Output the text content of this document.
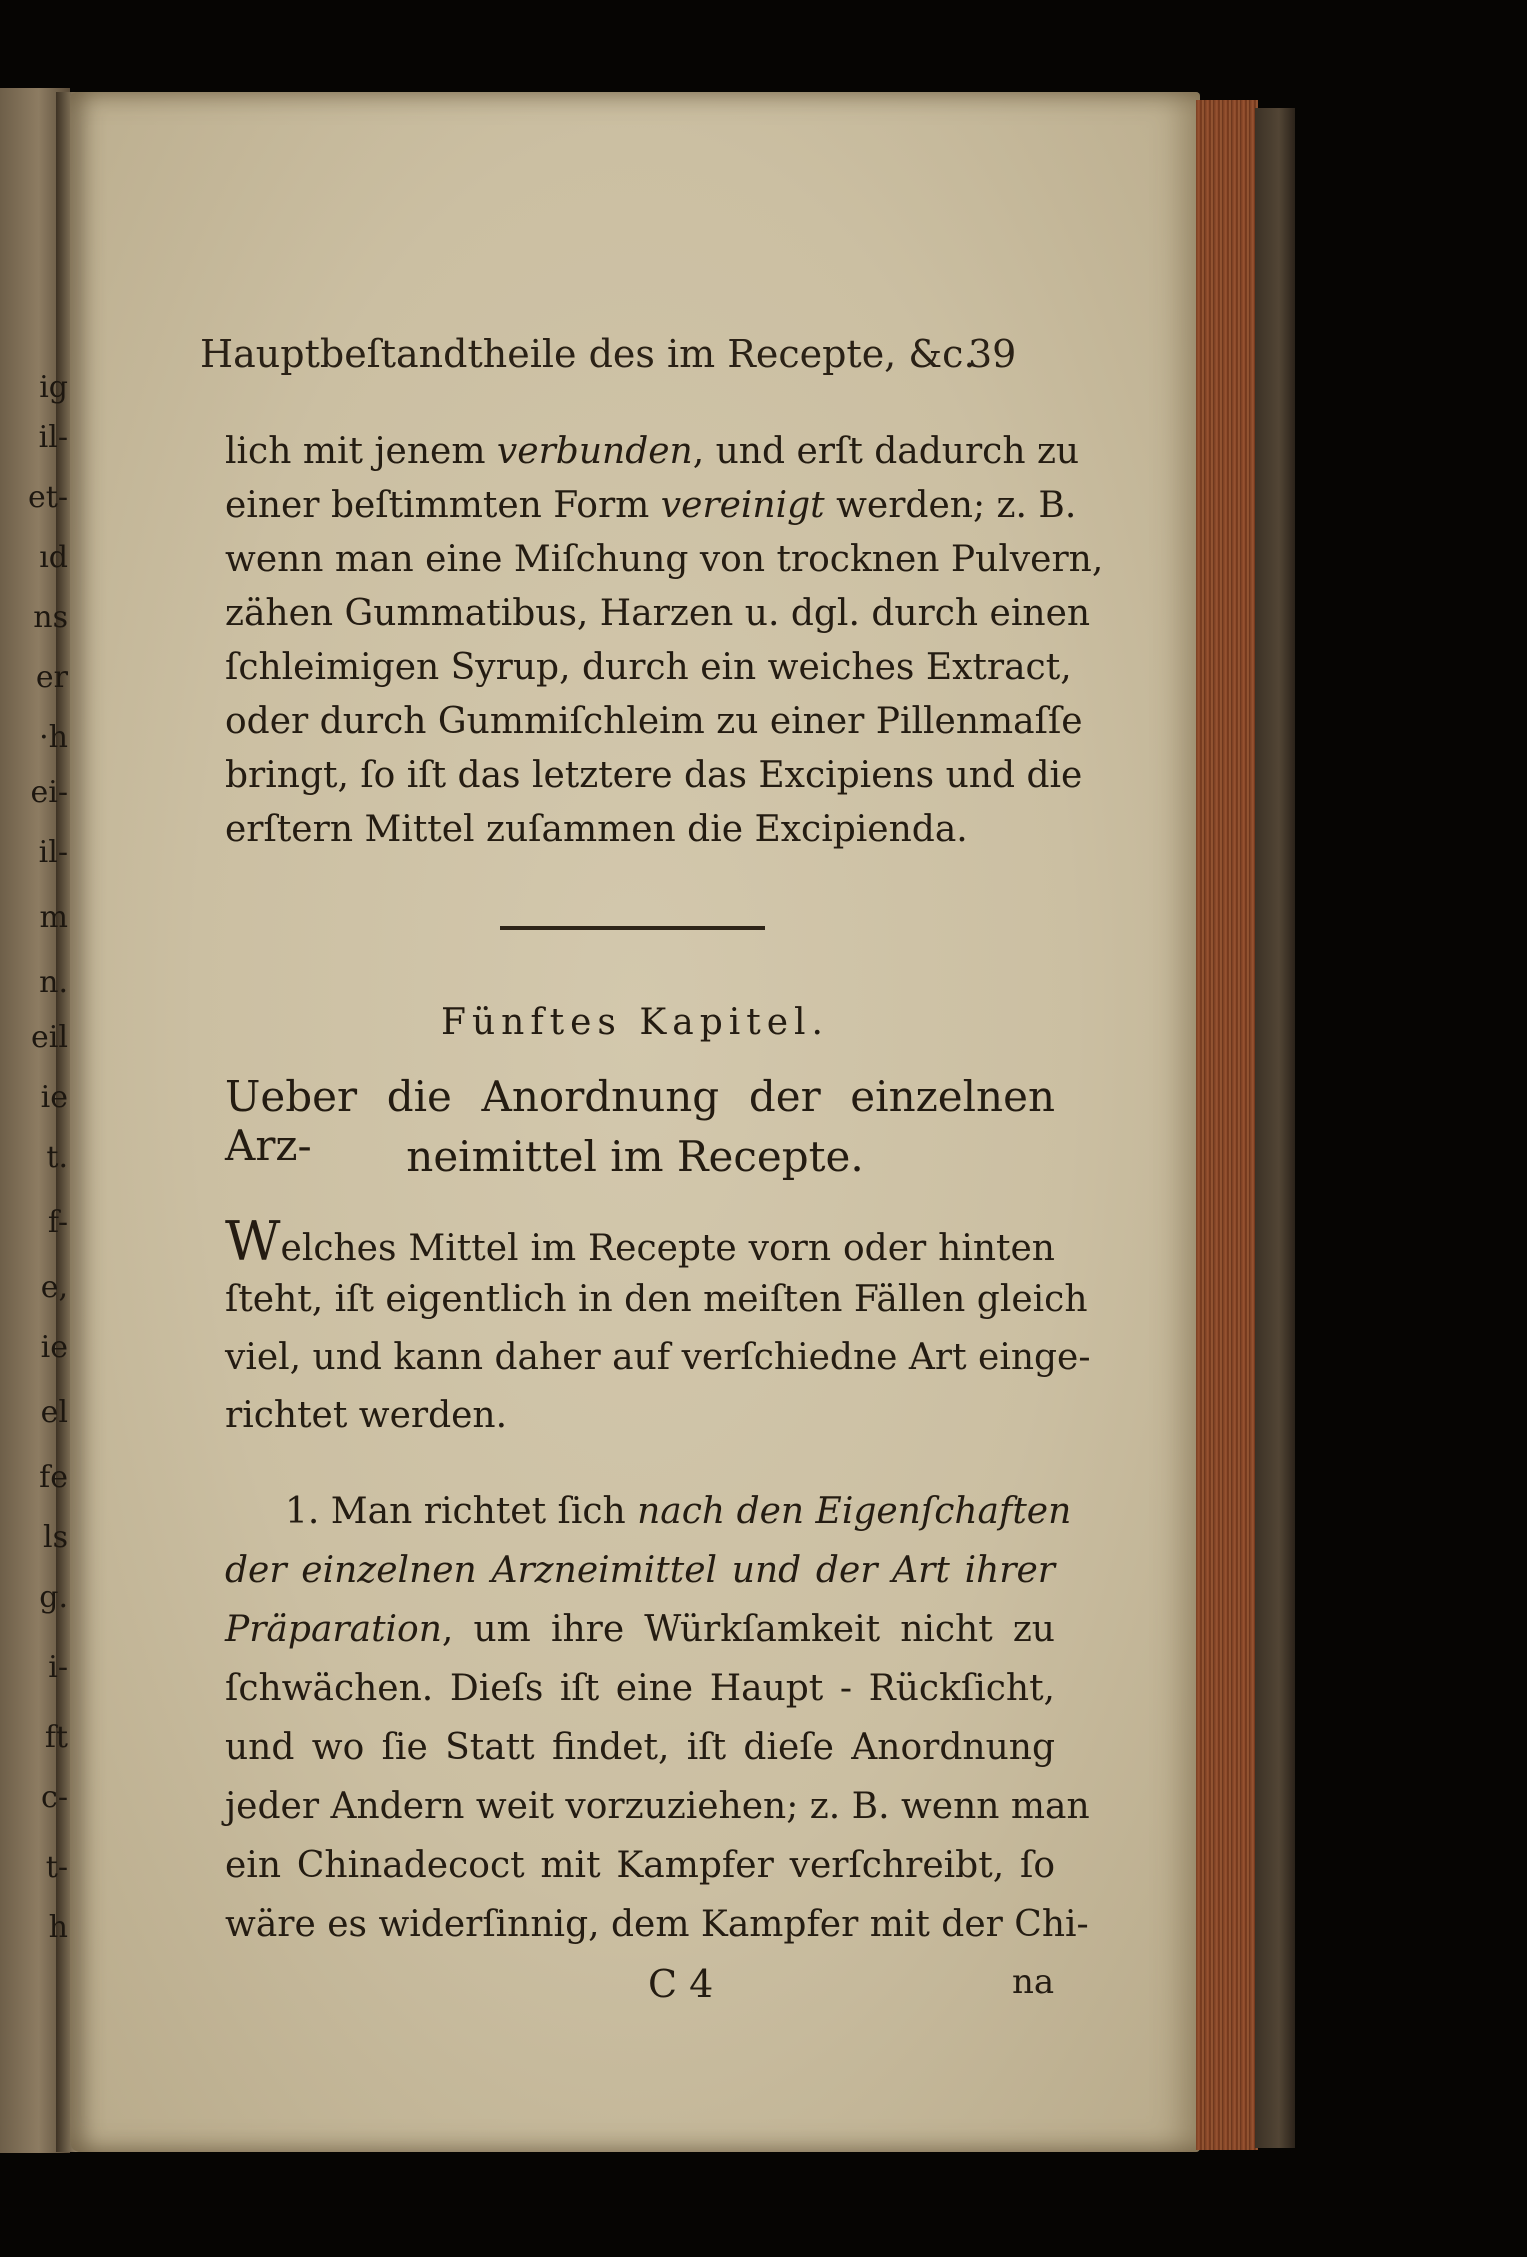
Hauptbeſtandtheile des im Recepte, &c.
39
lich mit jenem verbunden, und erſt dadurch zu
einer beſtimmten Form vereinigt werden; z. B.
wenn man eine Miſchung von trocknen Pulvern,
zähen Gummatibus, Harzen u. dgl. durch einen
ſchleimigen Syrup, durch ein weiches Extract,
oder durch Gummiſchleim zu einer Pillenmaſſe
bringt, ſo iſt das letztere das Excipiens und die
erſtern Mittel zuſammen die Excipienda.
Fünftes Kapitel.
Ueber die Anordnung der einzelnen Arz-	neimittel im Recepte.
Welches Mittel im Recepte vorn oder hinten
ſteht, iſt eigentlich in den meiſten Fällen gleich
viel, und kann daher auf verſchiedne Art einge-
richtet werden.
1. Man richtet ſich nach den Eigenſchaften
der einzelnen Arzneimittel und der Art ihrer
Präparation, um ihre Würkſamkeit nicht zu
ſchwächen. Dieſs iſt eine Haupt - Rückſicht,
und wo ſie Statt findet, iſt dieſe Anordnung
jeder Andern weit vorzuziehen; z. B. wenn man
ein Chinadecoct mit Kampfer verſchreibt, ſo
wäre es widerſinnig, dem Kampfer mit der Chi-
C 4	na
ig
il-
et-
ıd
ns
er
·h
ei-
il-
m
n.
eil
ie
t.
f-
e,
ie
el
fe
ls
g.
i-
ft
c-
t-
h
